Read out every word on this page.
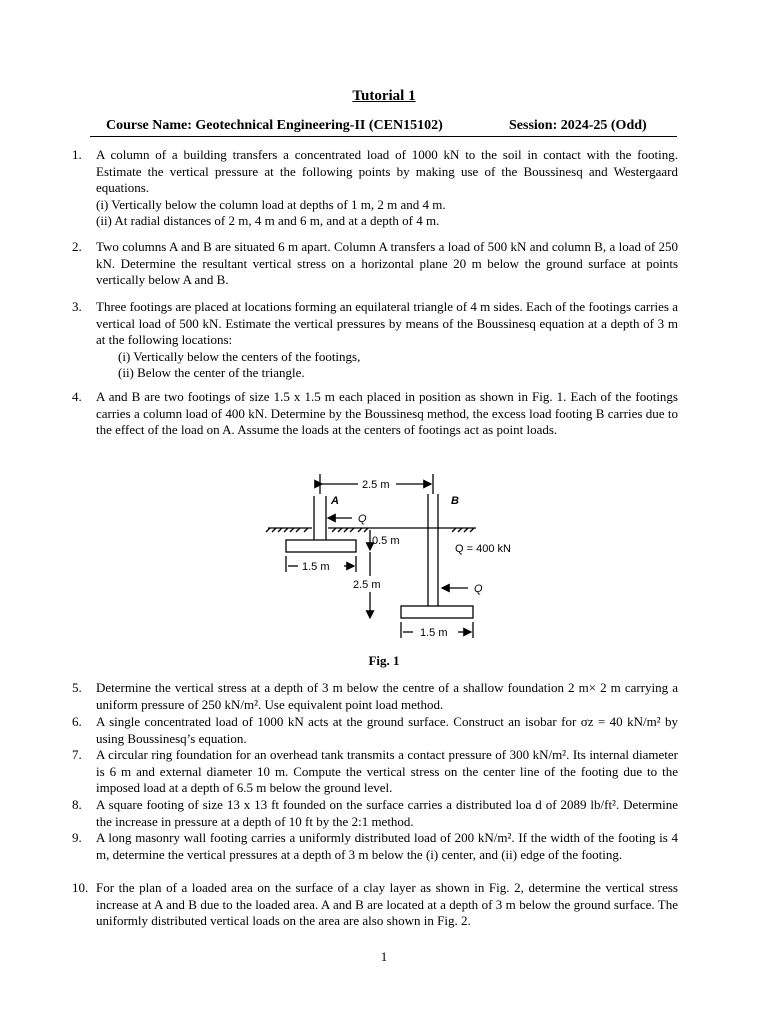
Tutorial 1
Course Name: Geotechnical Engineering-II (CEN15102)	Session: 2024-25 (Odd)
1. A column of a building transfers a concentrated load of 1000 kN to the soil in contact with the footing. Estimate the vertical pressure at the following points by making use of the Boussinesq and Westergaard equations.

(i) Vertically below the column load at depths of 1 m, 2 m and 4 m.
(ii) At radial distances of 2 m, 4 m and 6 m, and at a depth of 4 m.
2. Two columns A and B are situated 6 m apart. Column A transfers a load of 500 kN and column B, a load of 250 kN. Determine the resultant vertical stress on a horizontal plane 20 m below the ground surface at points vertically below A and B.

3. Three footings are placed at locations forming an equilateral triangle of 4 m sides. Each of the footings carries a vertical load of 500 kN. Estimate the vertical pressures by means of the Boussinesq equation at a depth of 3 m at the following locations:

(i) Vertically below the centers of the footings,
(ii) Below the center of the triangle.
4. A and B are two footings of size 1.5 x 1.5 m each placed in position as shown in Fig. 1. Each of the footings carries a column load of 400 kN. Determine by the Boussinesq method, the excess load footing B carries due to the effect of the load on A. Assume the loads at the centers of footings act as point loads.

2.5 m
A	B
Q
0.5 m
Q = 400 kN
1.5 m
2.5 m	Q
1.5 m
Fig. 1
5. Determine the vertical stress at a depth of 3 m below the centre of a shallow foundation 2 m× 2 m carrying a uniform pressure of 250 kN/m². Use equivalent point load method.

6. A single concentrated load of 1000 kN acts at the ground surface. Construct an isobar for σz = 40 kN/m² by using Boussinesq’s equation.

7. A circular ring foundation for an overhead tank transmits a contact pressure of 300 kN/m². Its internal diameter is 6 m and external diameter 10 m. Compute the vertical stress on the center line of the footing due to the imposed load at a depth of 6.5 m below the ground level.

8. A square footing of size 13 x 13 ft founded on the surface carries a distributed loa d of 2089 lb/ft². Determine the increase in pressure at a depth of 10 ft by the 2:1 method.

9. A long masonry wall footing carries a uniformly distributed load of 200 kN/m². If the width of the footing is 4 m, determine the vertical pressures at a depth of 3 m below the (i) center, and (ii) edge of the footing.

10. For the plan of a loaded area on the surface of a clay layer as shown in Fig. 2, determine the vertical stress increase at A and B due to the loaded area. A and B are located at a depth of 3 m below the ground surface. The uniformly distributed vertical loads on the area are also shown in Fig. 2.

1
